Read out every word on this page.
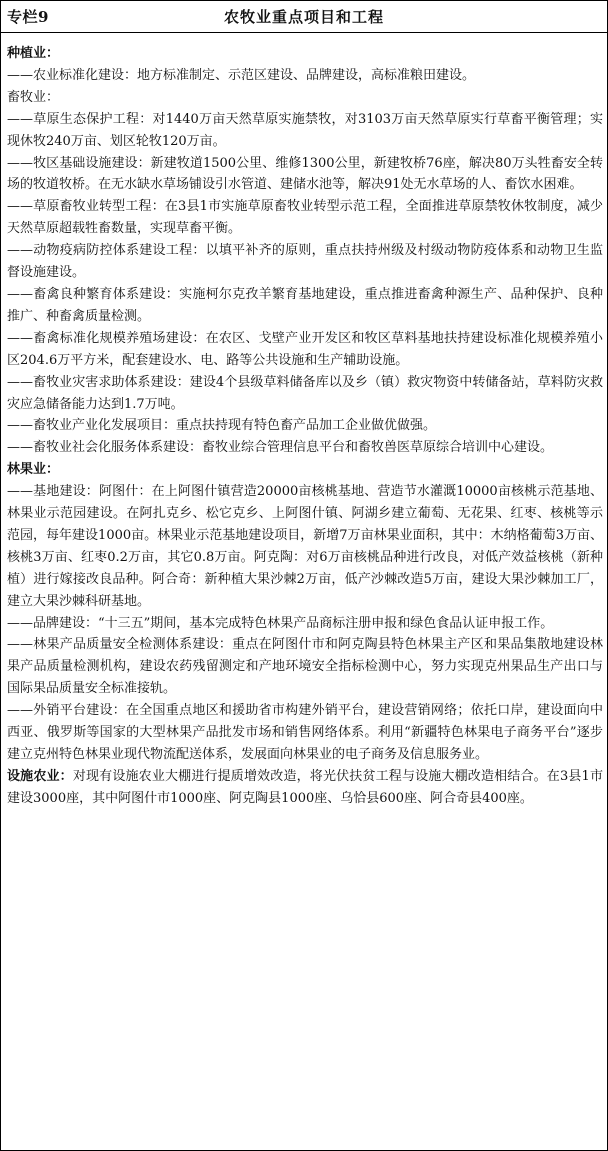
专栏9	农牧业重点项目和工程

种植业：

——农业标准化建设：地方标准制定、示范区建设、品牌建设，高标准粮田建设。

畜牧业：

——草原生态保护工程：对1440万亩天然草原实施禁牧，对3103万亩天然草原实行草畜平衡管理；实现休牧240万亩、划区轮牧120万亩。

——牧区基础设施建设：新建牧道1500公里、维修1300公里，新建牧桥76座，解决80万头牲畜安全转场的牧道牧桥。在无水缺水草场铺设引水管道、建储水池等，解决91处无水草场的人、畜饮水困难。

——草原畜牧业转型工程：在3县1市实施草原畜牧业转型示范工程，全面推进草原禁牧休牧制度，减少天然草原超载牲畜数量，实现草畜平衡。

——动物疫病防控体系建设工程：以填平补齐的原则，重点扶持州级及村级动物防疫体系和动物卫生监督设施建设。

——畜禽良种繁育体系建设：实施柯尔克孜羊繁育基地建设，重点推进畜禽种源生产、品种保护、良种推广、种畜禽质量检测。

——畜禽标准化规模养殖场建设：在农区、戈壁产业开发区和牧区草料基地扶持建设标准化规模养殖小区204.6万平方米，配套建设水、电、路等公共设施和生产辅助设施。

——畜牧业灾害求助体系建设：建设4个县级草料储备库以及乡（镇）救灾物资中转储备站，草料防灾救灾应急储备能力达到1.7万吨。

——畜牧业产业化发展项目：重点扶持现有特色畜产品加工企业做优做强。

——畜牧业社会化服务体系建设：畜牧业综合管理信息平台和畜牧兽医草原综合培训中心建设。

林果业：

——基地建设：阿图什：在上阿图什镇营造20000亩核桃基地、营造节水灌溉10000亩核桃示范基地、林果业示范园建设。在阿扎克乡、松它克乡、上阿图什镇、阿湖乡建立葡萄、无花果、红枣、核桃等示范园，每年建设1000亩。林果业示范基地建设项目，新增7万亩林果业面积，其中：木纳格葡萄3万亩、核桃3万亩、红枣0.2万亩，其它0.8万亩。阿克陶：对6万亩核桃品种进行改良，对低产效益核桃（新种植）进行嫁接改良品种。阿合奇：新种植大果沙棘2万亩，低产沙棘改造5万亩，建设大果沙棘加工厂，建立大果沙棘科研基地。

——品牌建设：“十三五”期间，基本完成特色林果产品商标注册申报和绿色食品认证申报工作。

——林果产品质量安全检测体系建设：重点在阿图什市和阿克陶县特色林果主产区和果品集散地建设林果产品质量检测机构，建设农药残留测定和产地环境安全指标检测中心，努力实现克州果品生产出口与国际果品质量安全标准接轨。

——外销平台建设：在全国重点地区和援助省市构建外销平台，建设营销网络；依托口岸，建设面向中西亚、俄罗斯等国家的大型林果产品批发市场和销售网络体系。利用“新疆特色林果电子商务平台”逐步建立克州特色林果业现代物流配送体系，发展面向林果业的电子商务及信息服务业。

设施农业：对现有设施农业大棚进行提质增效改造，将光伏扶贫工程与设施大棚改造相结合。在3县1市建设3000座，其中阿图什市1000座、阿克陶县1000座、乌恰县600座、阿合奇县400座。
